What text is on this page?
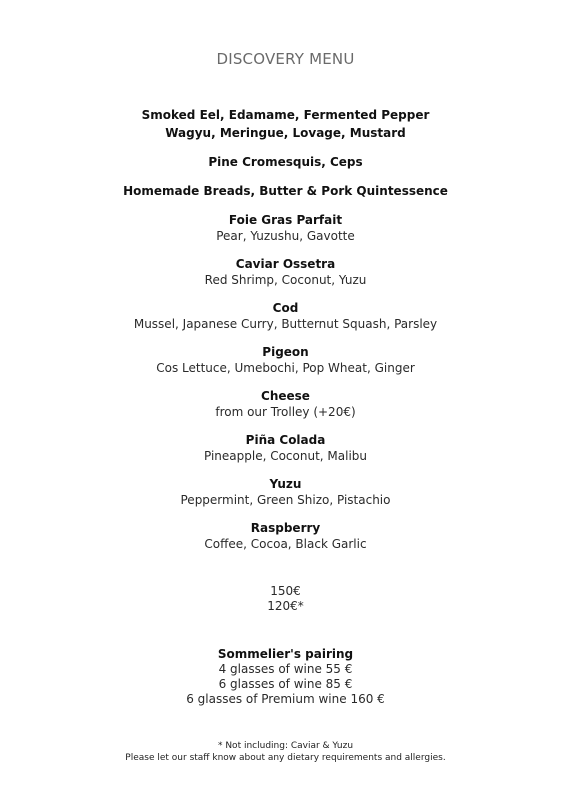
DISCOVERY MENU
Smoked Eel, Edamame, Fermented Pepper
Wagyu, Meringue, Lovage, Mustard
Pine Cromesquis, Ceps
Homemade Breads, Butter & Pork Quintessence
Foie Gras Parfait
Pear, Yuzushu, Gavotte
Caviar Ossetra
Red Shrimp, Coconut, Yuzu
Cod
Mussel, Japanese Curry, Butternut Squash, Parsley
Pigeon
Cos Lettuce, Umebochi, Pop Wheat, Ginger
Cheese
from our Trolley (+20€)
Piña Colada
Pineapple, Coconut, Malibu
Yuzu
Peppermint, Green Shizo, Pistachio
Raspberry
Coffee, Cocoa, Black Garlic
150€
120€*
Sommelier's pairing
4 glasses of wine 55 €
6 glasses of wine 85 €
6 glasses of Premium wine 160 €
* Not including: Caviar & Yuzu
Please let our staff know about any dietary requirements and allergies.
